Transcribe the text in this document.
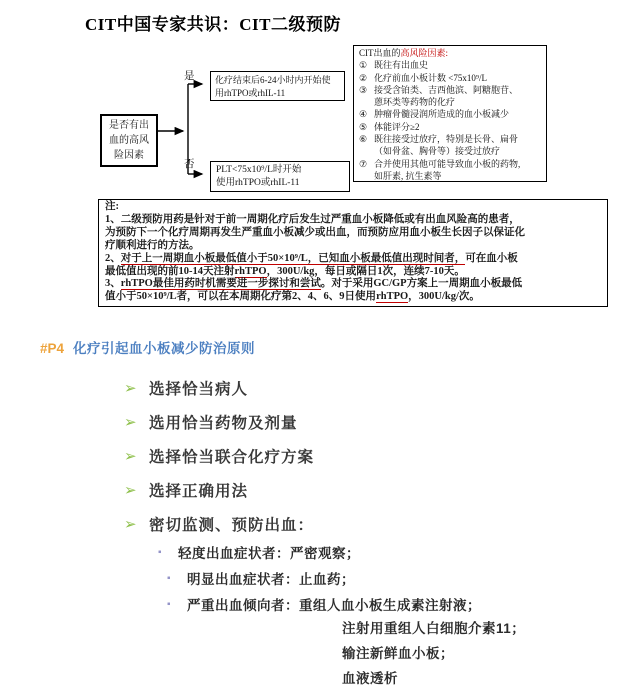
CIT中国专家共识：CIT二级预防
是否有出血的高风险因素
是
否
化疗结束后6-24小时内开始使
用rhTPO或rhIL-11
PLT<75x10⁹/L时开始
使用rhTPO或rhIL-11
CIT出血的高风险因素:
① 既往有出血史
② 化疗前血小板计数 <75x10⁹/L
③ 接受含铂类、吉西他滨、阿糖胞苷、
蒽环类等药物的化疗
④ 肿瘤骨髓浸润所造成的血小板减少
⑤ 体能评分≥2
⑥ 既往接受过放疗，特别是长骨、扁骨
（如骨盆、胸骨等）接受过放疗
⑦ 合并使用其他可能导致血小板的药物,
如肝素, 抗生素等
注:
1、二级预防用药是针对于前一周期化疗后发生过严重血小板降低或有出血风险高的患者，
为预防下一个化疗周期再发生严重血小板减少或出血，而预防应用血小板生长因子以保证化
疗顺利进行的方法。
2、对于上一周期血小板最低值小于50×10⁹/L，已知血小板最低值出现时间者，可在血小板
最低值出现的前10-14天注射rhTPO，300U/kg，每日或隔日1次，连续7-10天。
3、rhTPO最佳用药时机需要进一步探讨和尝试。对于采用GC/GP方案上一周期血小板最低
值小于50×10⁹/L者，可以在本周期化疗第2、4、6、9日使用rhTPO，300U/kg/次。
#P4 化疗引起血小板减少防治原则
➢ 选择恰当病人
➢ 选用恰当药物及剂量
➢ 选择恰当联合化疗方案
➢ 选择正确用法
➢ 密切监测、预防出血：
▪	轻度出血症状者：严密观察；
▪	明显出血症状者：止血药；
▪	严重出血倾向者：重组人血小板生成素注射液；
注射用重组人白细胞介素11；
输注新鲜血小板；
血液透析
